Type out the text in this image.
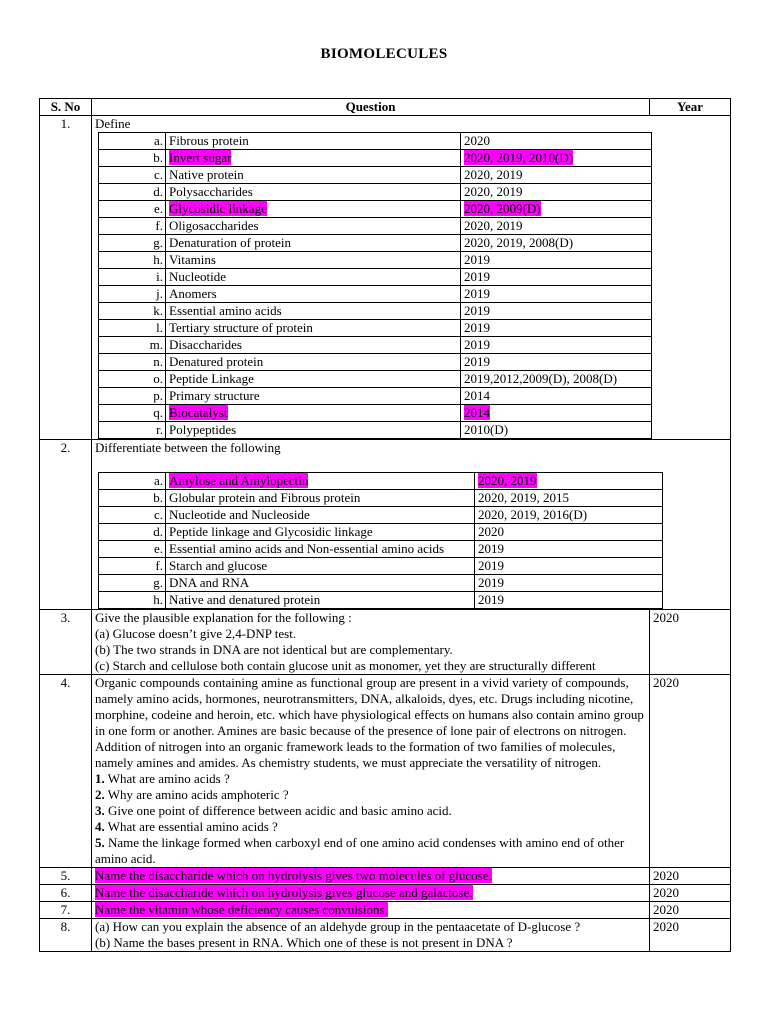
BIOMOLECULES
S. No	Question	Year
1.	Define
a.	Fibrous protein	2020
b.	Invert sugar	2020, 2019, 2010(D)
c.	Native protein	2020, 2019
d.	Polysaccharides	2020, 2019
e.	Glycosidic linkage	2020, 2009(D)
f.	Oligosaccharides	2020, 2019
g.	Denaturation of protein	2020, 2019, 2008(D)
h.	Vitamins	2019
i.	Nucleotide	2019
j.	Anomers	2019
k.	Essential amino acids	2019
l.	Tertiary structure of protein	2019
m.	Disaccharides	2019
n.	Denatured protein	2019
o.	Peptide Linkage	2019,2012,2009(D), 2008(D)
p.	Primary structure	2014
q.	Biocatalyst	2014
r.	Polypeptides	2010(D)

2.	Differentiate between the following
a.	Amylose and Amylopectin	2020, 2019
b.	Globular protein and Fibrous protein	2020, 2019, 2015
c.	Nucleotide and Nucleoside	2020, 2019, 2016(D)
d.	Peptide linkage and Glycosidic linkage	2020
e.	Essential amino acids and Non-essential amino acids	2019
f.	Starch and glucose	2019
g.	DNA and RNA	2019
h.	Native and denatured protein	2019

3.	Give the plausible explanation for the following :
(a) Glucose doesn’t give 2,4-DNP test.
(b) The two strands in DNA are not identical but are complementary.
(c) Starch and cellulose both contain glucose unit as monomer, yet they are structurally different
	2020
4.	Organic compounds containing amine as functional group are present in a vivid variety of compounds, namely amino acids, hormones, neurotransmitters, DNA, alkaloids, dyes, etc. Drugs including nicotine, morphine, codeine and heroin, etc. which have physiological effects on humans also contain amino group in one form or another. Amines are basic because of the presence of lone pair of electrons on nitrogen. Addition of nitrogen into an organic framework leads to the formation of two families of molecules, namely amines and amides. As chemistry students, we must appreciate the versatility of nitrogen.
1. What are amino acids ?
2. Why are amino acids amphoteric ?
3. Give one point of difference between acidic and basic amino acid.
4. What are essential amino acids ?
5. Name the linkage formed when carboxyl end of one amino acid condenses with amino end of other amino acid.
	2020
5.	Name the disaccharide which on hydrolysis gives two molecules of glucose.	2020
6.	Name the disaccharide which on hydrolysis gives glucose and galactose.	2020
7.	Name the vitamin whose deficiency causes convulsions.	2020
8.	(a) How can you explain the absence of an aldehyde group in the pentaacetate of D-glucose ?
(b) Name the bases present in RNA. Which one of these is not present in DNA ?
	2020
